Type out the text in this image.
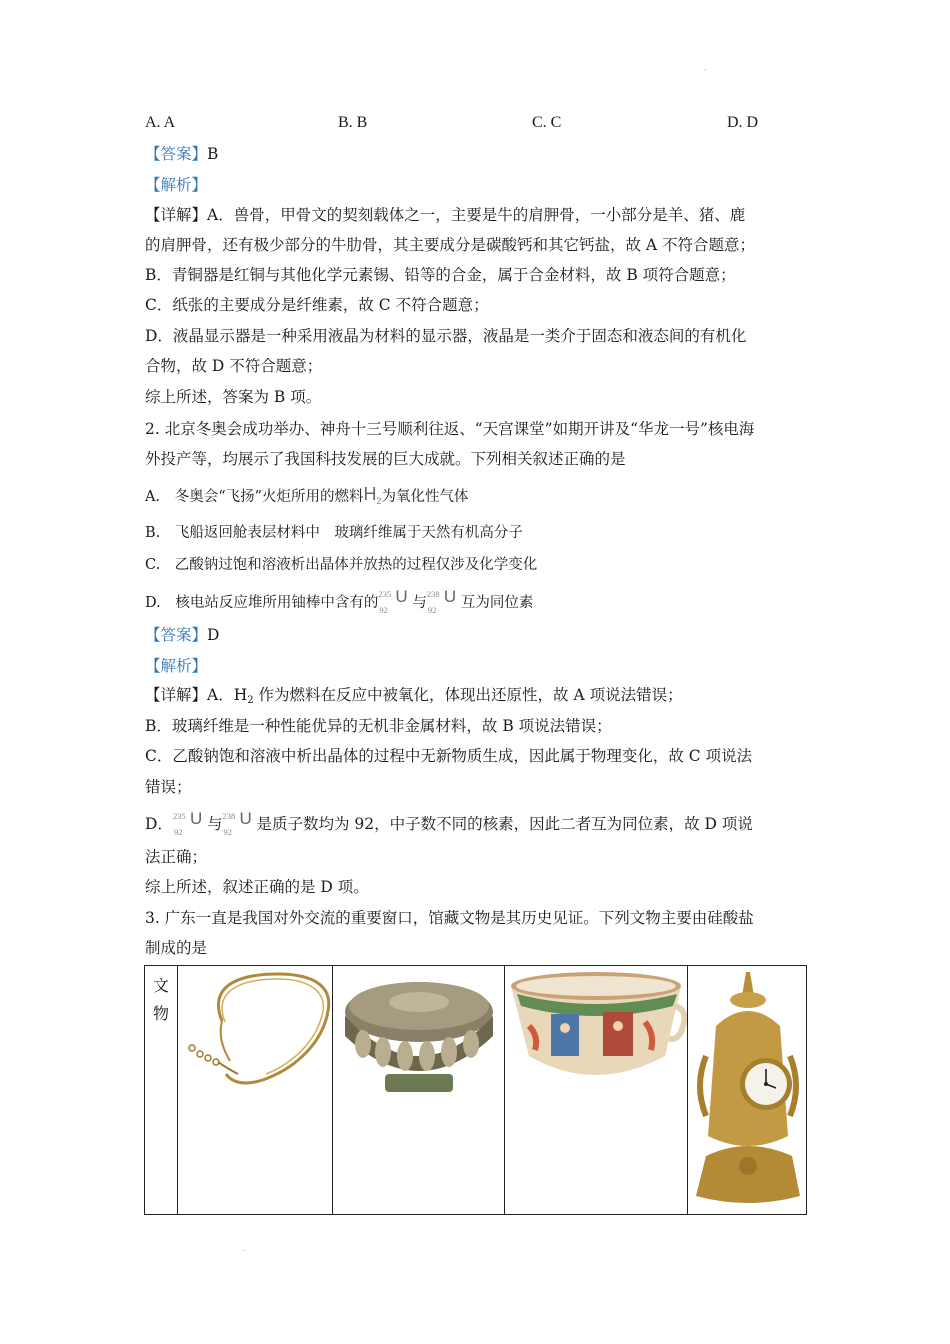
·
A. A	B. B	C. C	D. D
【答案】B
【解析】
【详解】A．兽骨，甲骨文的契刻载体之一，主要是牛的肩胛骨，一小部分是羊、猪、鹿
的肩胛骨，还有极少部分的牛肋骨，其主要成分是碳酸钙和其它钙盐，故 A 不符合题意；
B．青铜器是红铜与其他化学元素锡、铅等的合金，属于合金材料，故 B 项符合题意；
C．纸张的主要成分是纤维素，故 C 不符合题意；
D．液晶显示器是一种采用液晶为材料的显示器，液晶是一类介于固态和液态间的有机化
合物，故 D 不符合题意；
综上所述，答案为 B 项。
2. 北京冬奥会成功举办、神舟十三号顺利往返、“天宫课堂”如期开讲及“华龙一号”核电海
外投产等，均展示了我国科技发展的巨大成就。下列相关叙述正确的是
A. 冬奥会“飞扬”火炬所用的燃料$H_2$为氧化性气体
B. 飞船返回舱表层材料中　玻璃纤维属于天然有机高分子
C. 乙酸钠过饱和溶液析出晶体并放热的过程仅涉及化学变化
D. 核电站反应堆所用铀棒中含有的
235
92
U 与
238
92
U 互为同位素
【答案】D
【解析】
【详解】A．$H_2$ 作为燃料在反应中被氧化，体现出还原性，故 A 项说法错误；
B．玻璃纤维是一种性能优异的无机非金属材料，故 B 项说法错误；
C．乙酸钠饱和溶液中析出晶体的过程中无新物质生成，因此属于物理变化，故 C 项说法
错误；
D． 235
92
U 与 238
92
U 是质子数均为 92，中子数不同的核素，因此二者互为同位素，故 D 项说
法正确；
综上所述，叙述正确的是 D 项。
3. 广东一直是我国对外交流的重要窗口，馆藏文物是其历史见证。下列文物主要由硅酸盐
制成的是
文
物

·
